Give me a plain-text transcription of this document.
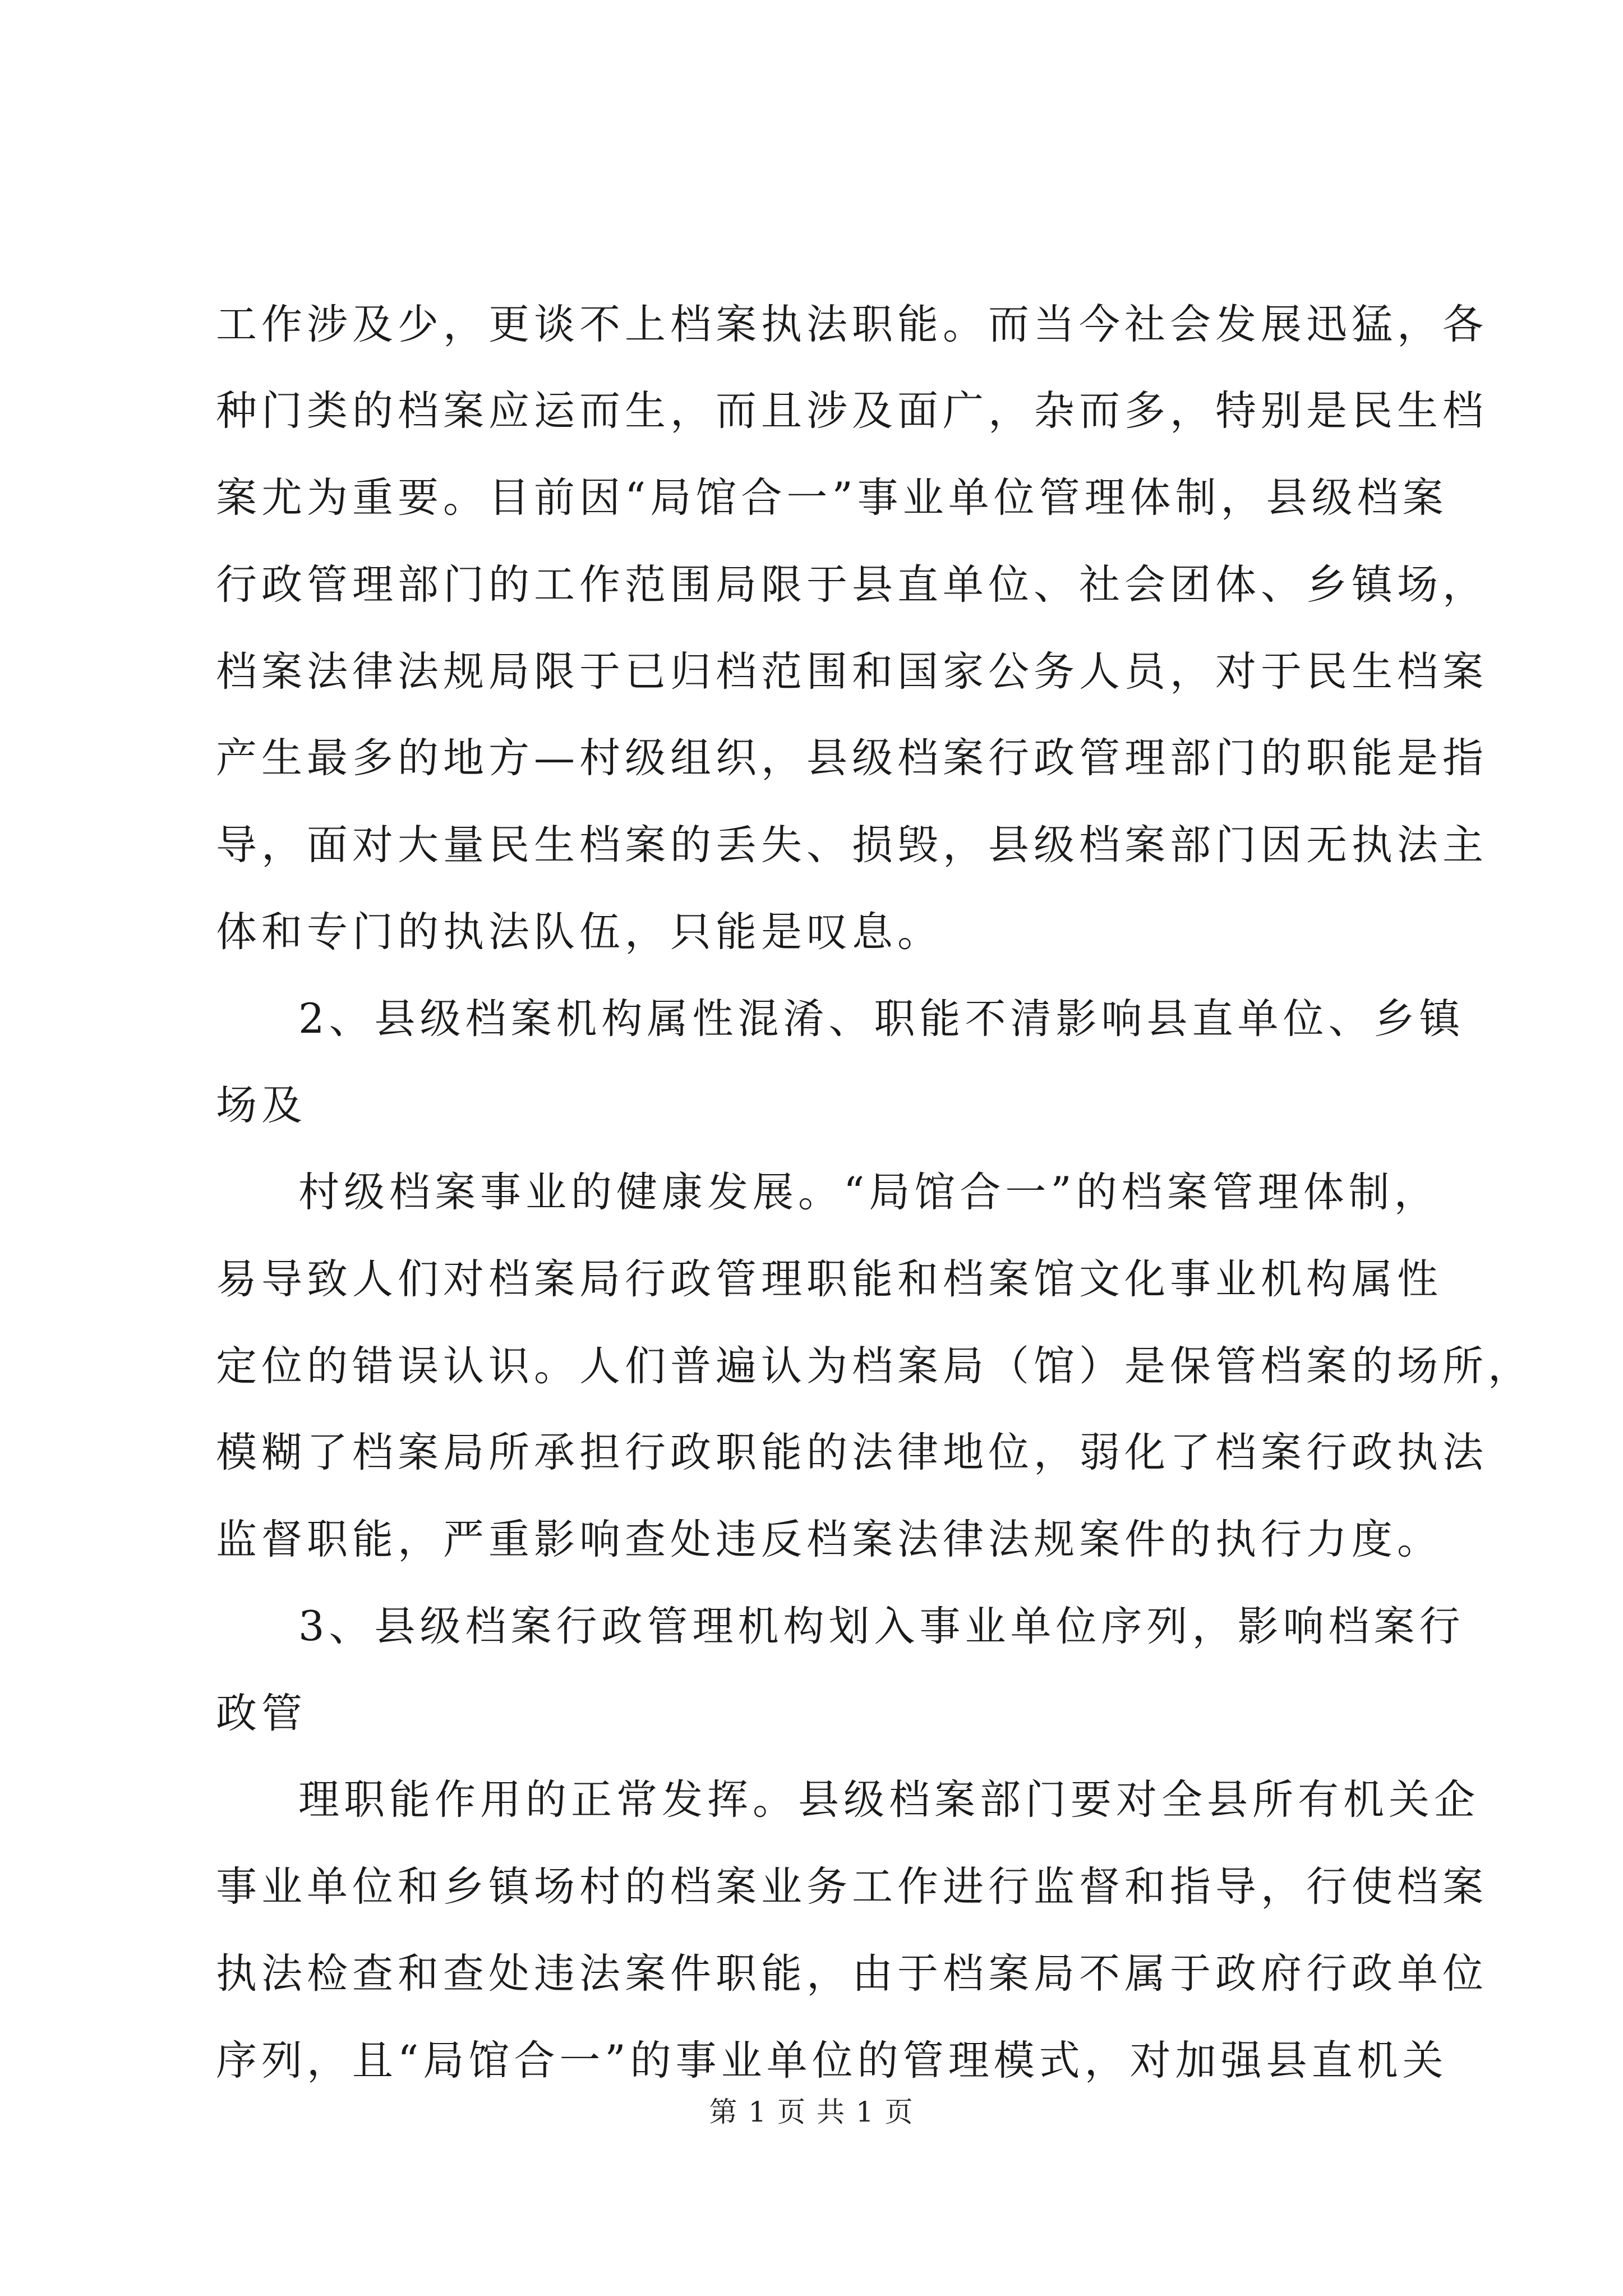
工作涉及少，更谈不上档案执法职能。而当今社会发展迅猛，各
种门类的档案应运而生，而且涉及面广，杂而多，特别是民生档
案尤为重要。目前因“局馆合一”事业单位管理体制，县级档案
行政管理部门的工作范围局限于县直单位、社会团体、乡镇场，
档案法律法规局限于已归档范围和国家公务人员，对于民生档案
产生最多的地方—村级组织，县级档案行政管理部门的职能是指
导，面对大量民生档案的丢失、损毁，县级档案部门因无执法主
体和专门的执法队伍，只能是叹息。
2、县级档案机构属性混淆、职能不清影响县直单位、乡镇
场及
村级档案事业的健康发展。“局馆合一”的档案管理体制，
易导致人们对档案局行政管理职能和档案馆文化事业机构属性
定位的错误认识。人们普遍认为档案局（馆）是保管档案的场所，
模糊了档案局所承担行政职能的法律地位，弱化了档案行政执法
监督职能，严重影响查处违反档案法律法规案件的执行力度。
3、县级档案行政管理机构划入事业单位序列，影响档案行
政管
理职能作用的正常发挥。县级档案部门要对全县所有机关企
事业单位和乡镇场村的档案业务工作进行监督和指导，行使档案
执法检查和查处违法案件职能，由于档案局不属于政府行政单位
序列，且“局馆合一”的事业单位的管理模式，对加强县直机关
第 1 页 共 1 页
